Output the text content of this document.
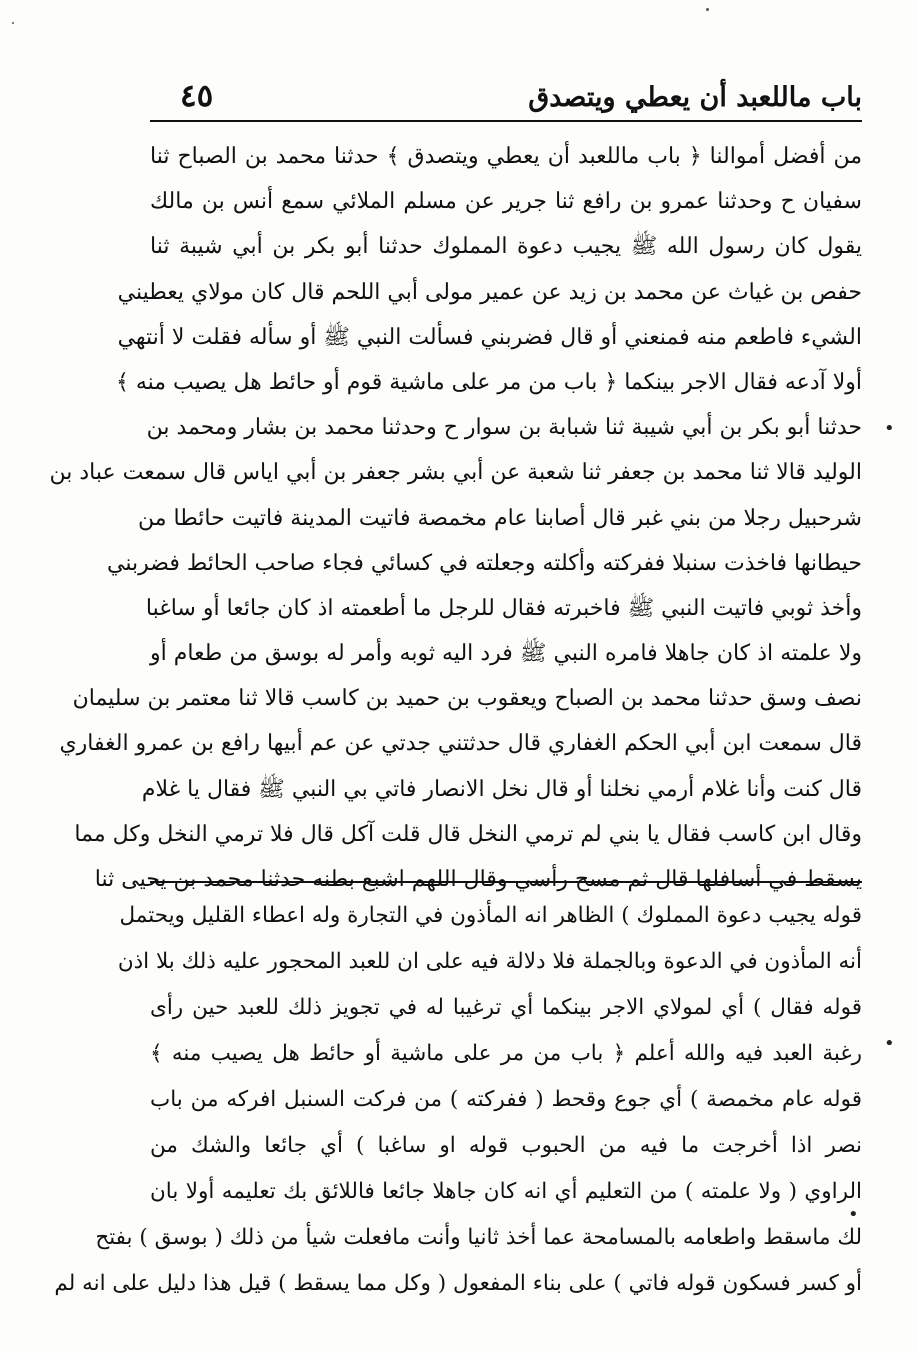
باب ماللعبد أن يعطي ويتصدق
٤٥
من أفضل أموالنا ﴿ باب ماللعبد أن يعطي ويتصدق ﴾ حدثنا محمد بن الصباح ثنا
سفيان ح وحدثنا عمرو بن رافع ثنا جرير عن مسلم الملائي سمع أنس بن مالك
يقول كان رسول الله ﷺ يجيب دعوة المملوك حدثنا أبو بكر بن أبي شيبة ثنا
حفص بن غياث عن محمد بن زيد عن عمير مولى أبي اللحم قال كان مولاي يعطيني
الشيء فاطعم منه فمنعني أو قال فضربني فسألت النبي ﷺ أو سأله فقلت لا أنتهي
أولا آدعه فقال الاجر بينكما ﴿ باب من مر على ماشية قوم أو حائط هل يصيب منه ﴾
حدثنا أبو بكر بن أبي شيبة ثنا شبابة بن سوار ح وحدثنا محمد بن بشار ومحمد بن
الوليد قالا ثنا محمد بن جعفر ثنا شعبة عن أبي بشر جعفر بن أبي اياس قال سمعت عباد بن
شرحبيل رجلا من بني غبر قال أصابنا عام مخمصة فاتيت المدينة فاتيت حائطا من
حيطانها فاخذت سنبلا ففركته وأكلته وجعلته في كسائي فجاء صاحب الحائط فضربني
وأخذ ثوبي فاتيت النبي ﷺ فاخبرته فقال للرجل ما أطعمته اذ كان جائعا أو ساغبا
ولا علمته اذ كان جاهلا فامره النبي ﷺ فرد اليه ثوبه وأمر له بوسق من طعام أو
نصف وسق حدثنا محمد بن الصباح ويعقوب بن حميد بن كاسب قالا ثنا معتمر بن سليمان
قال سمعت ابن أبي الحكم الغفاري قال حدثتني جدتي عن عم أبيها رافع بن عمرو الغفاري
قال كنت وأنا غلام أرمي نخلنا أو قال نخل الانصار فاتي بي النبي ﷺ فقال يا غلام
وقال ابن كاسب فقال يا بني لم ترمي النخل قال قلت آكل قال فلا ترمي النخل وكل مما
يسقط في أسافلها قال ثم مسح رأسي وقال اللهم اشبع بطنه حدثنا محمد بن يحيى ثنا
قوله يجيب دعوة المملوك ) الظاهر انه المأذون في التجارة وله اعطاء القليل ويحتمل
أنه المأذون في الدعوة وبالجملة فلا دلالة فيه على ان للعبد المحجور عليه ذلك بلا اذن
قوله فقال ) أي لمولاي الاجر بينكما أي ترغيبا له في تجويز ذلك للعبد حين رأى
رغبة العبد فيه والله أعلم ﴿ باب من مر على ماشية أو حائط هل يصيب منه ﴾
قوله عام مخمصة ) أي جوع وقحط ( ففركته ) من فركت السنبل افركه من باب
نصر اذا أخرجت ما فيه من الحبوب قوله او ساغبا ) أي جائعا والشك من
الراوي ( ولا علمته ) من التعليم أي انه كان جاهلا جائعا فاللائق بك تعليمه أولا بان
لك ماسقط واطعامه بالمسامحة عما أخذ ثانيا وأنت مافعلت شيأ من ذلك ( بوسق ) بفتح
أو كسر فسكون قوله فاتي ) على بناء المفعول ( وكل مما يسقط ) قيل هذا دليل على انه لم
•
•
•
